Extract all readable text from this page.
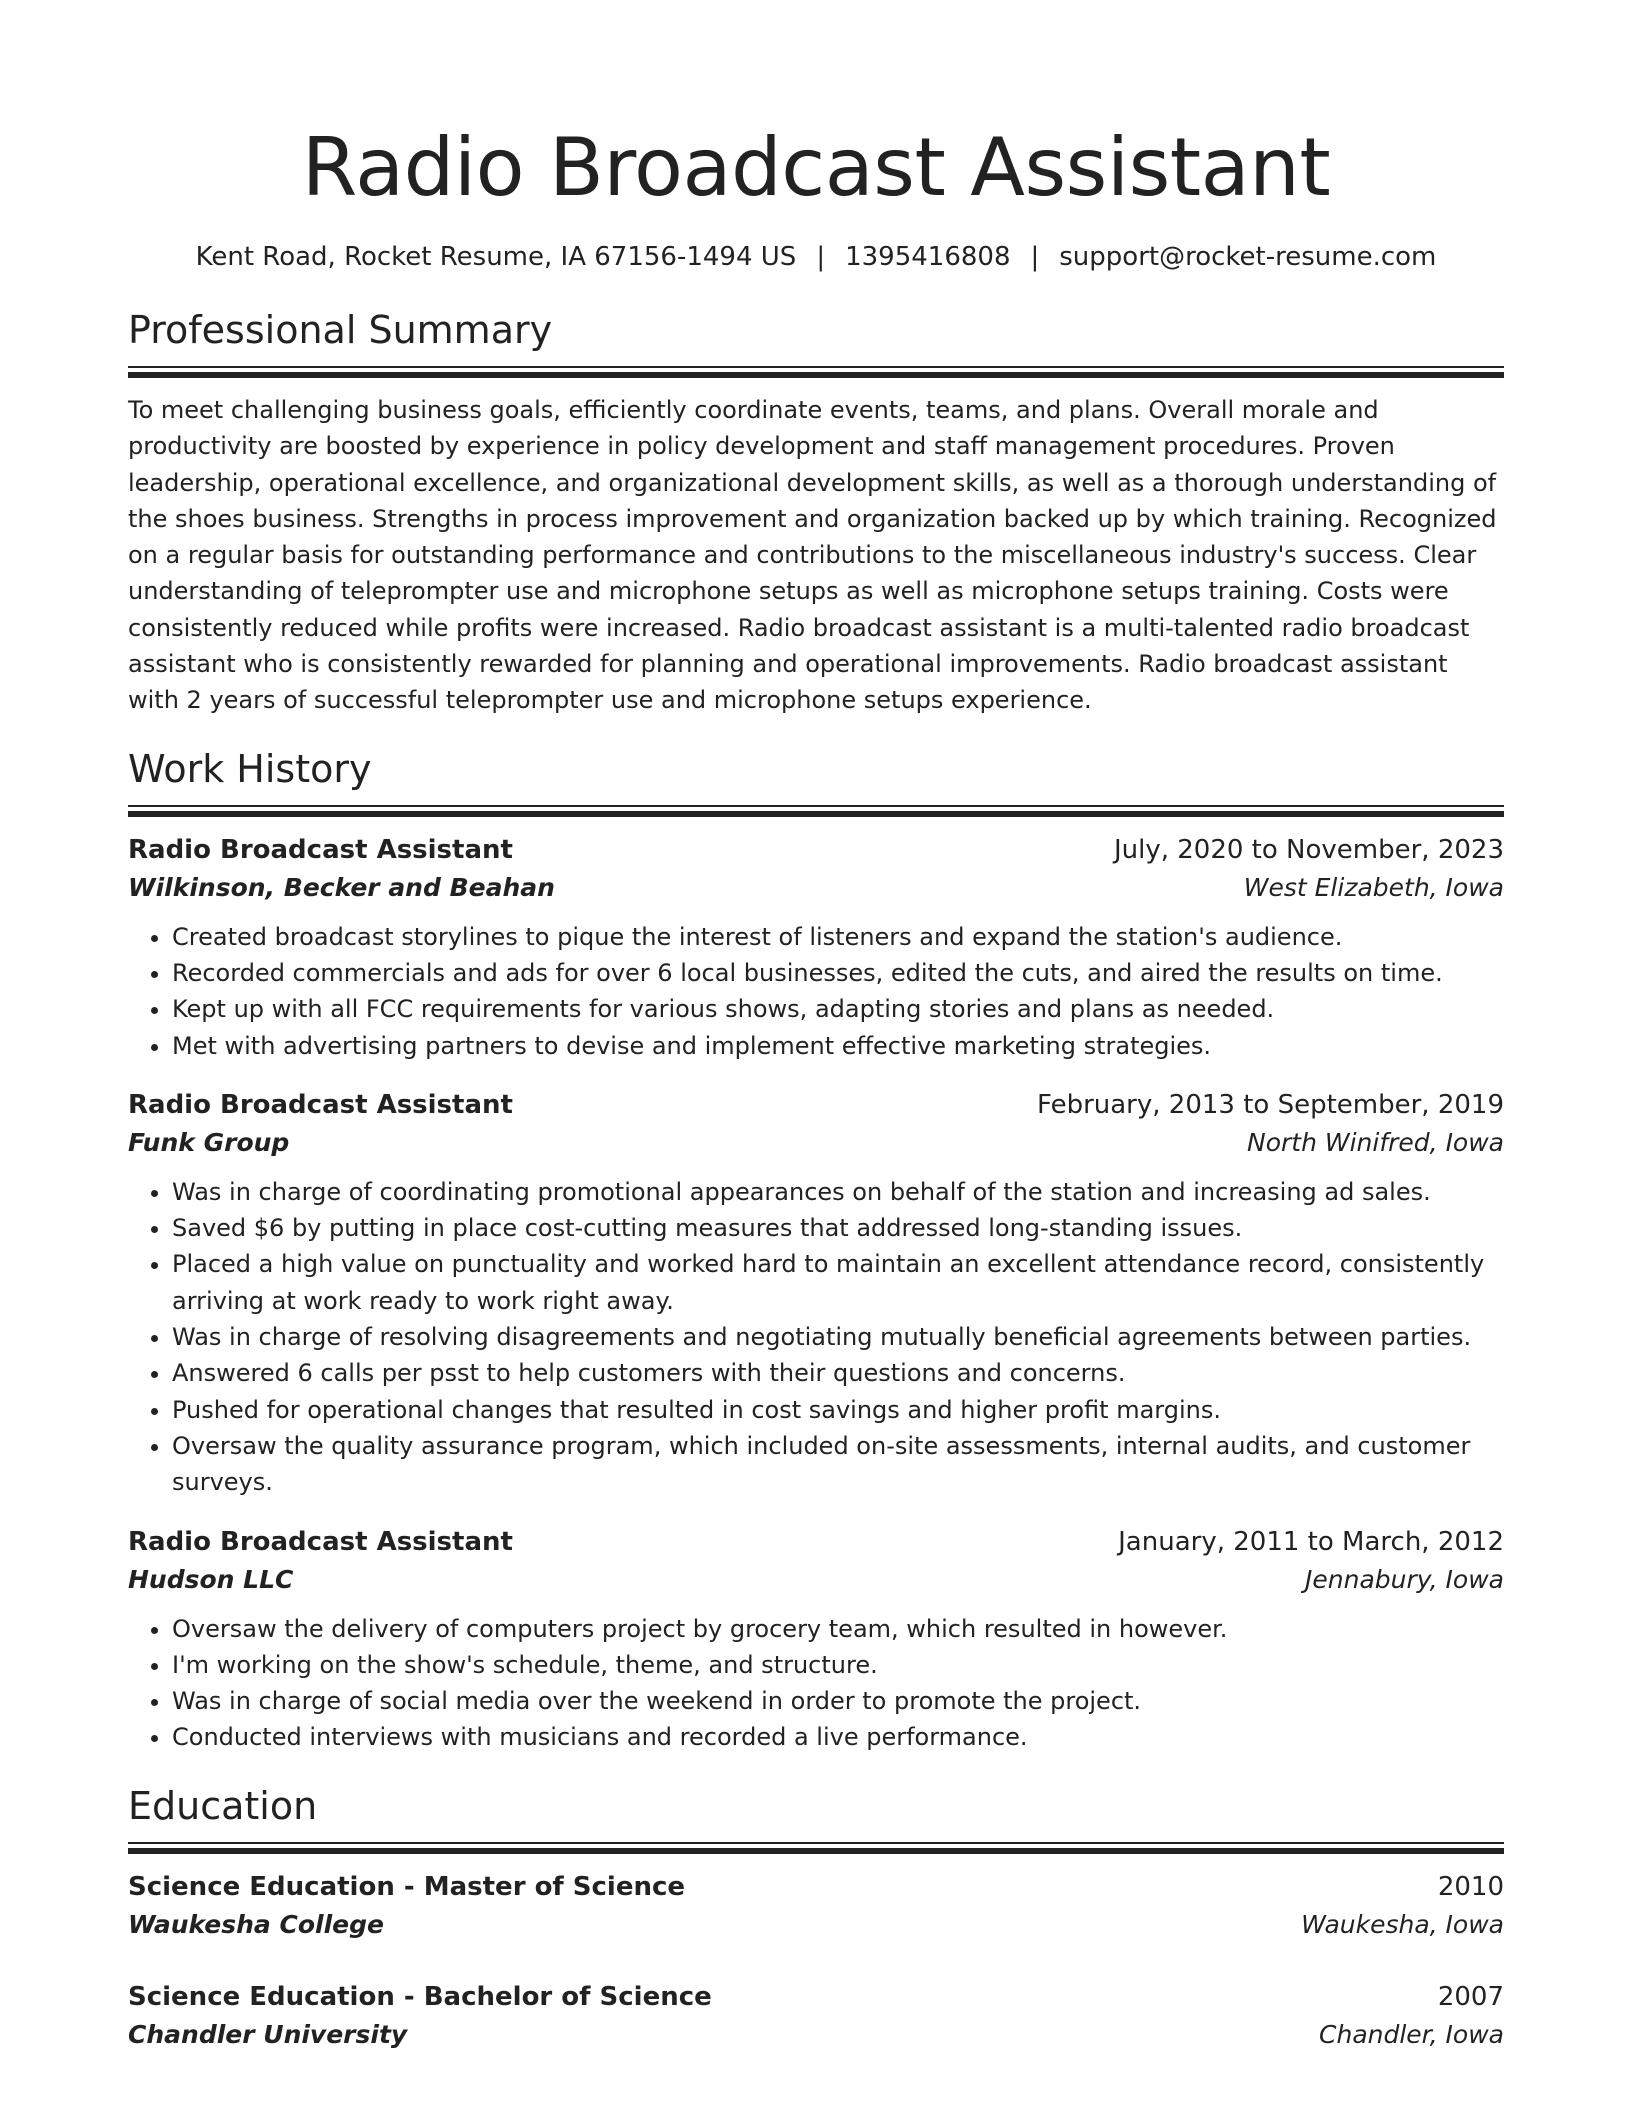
Radio Broadcast Assistant
Kent Road, Rocket Resume, IA 67156-1494 US | 1395416808 | support@rocket-resume.com
Professional Summary
To meet challenging business goals, efficiently coordinate events, teams, and plans. Overall morale and productivity are boosted by experience in policy development and staff management procedures. Proven leadership, operational excellence, and organizational development skills, as well as a thorough understanding of the shoes business. Strengths in process improvement and organization backed up by which training. Recognized on a regular basis for outstanding performance and contributions to the miscellaneous industry's success. Clear understanding of teleprompter use and microphone setups as well as microphone setups training. Costs were consistently reduced while profits were increased. Radio broadcast assistant is a multi-talented radio broadcast assistant who is consistently rewarded for planning and operational improvements. Radio broadcast assistant with 2 years of successful teleprompter use and microphone setups experience.
Work History
Radio Broadcast Assistant	July, 2020 to November, 2023
Wilkinson, Becker and Beahan	West Elizabeth, Iowa
• Created broadcast storylines to pique the interest of listeners and expand the station's audience.
• Recorded commercials and ads for over 6 local businesses, edited the cuts, and aired the results on time.
• Kept up with all FCC requirements for various shows, adapting stories and plans as needed.
• Met with advertising partners to devise and implement effective marketing strategies.
Radio Broadcast Assistant	February, 2013 to September, 2019
Funk Group	North Winifred, Iowa
• Was in charge of coordinating promotional appearances on behalf of the station and increasing ad sales.
• Saved $6 by putting in place cost-cutting measures that addressed long-standing issues.
• Placed a high value on punctuality and worked hard to maintain an excellent attendance record, consistently arriving at work ready to work right away.
• Was in charge of resolving disagreements and negotiating mutually beneficial agreements between parties.
• Answered 6 calls per psst to help customers with their questions and concerns.
• Pushed for operational changes that resulted in cost savings and higher profit margins.
• Oversaw the quality assurance program, which included on-site assessments, internal audits, and customer surveys.
Radio Broadcast Assistant	January, 2011 to March, 2012
Hudson LLC	Jennabury, Iowa
• Oversaw the delivery of computers project by grocery team, which resulted in however.
• I'm working on the show's schedule, theme, and structure.
• Was in charge of social media over the weekend in order to promote the project.
• Conducted interviews with musicians and recorded a live performance.
Education
Science Education - Master of Science	2010
Waukesha College	Waukesha, Iowa
Science Education - Bachelor of Science	2007
Chandler University	Chandler, Iowa
